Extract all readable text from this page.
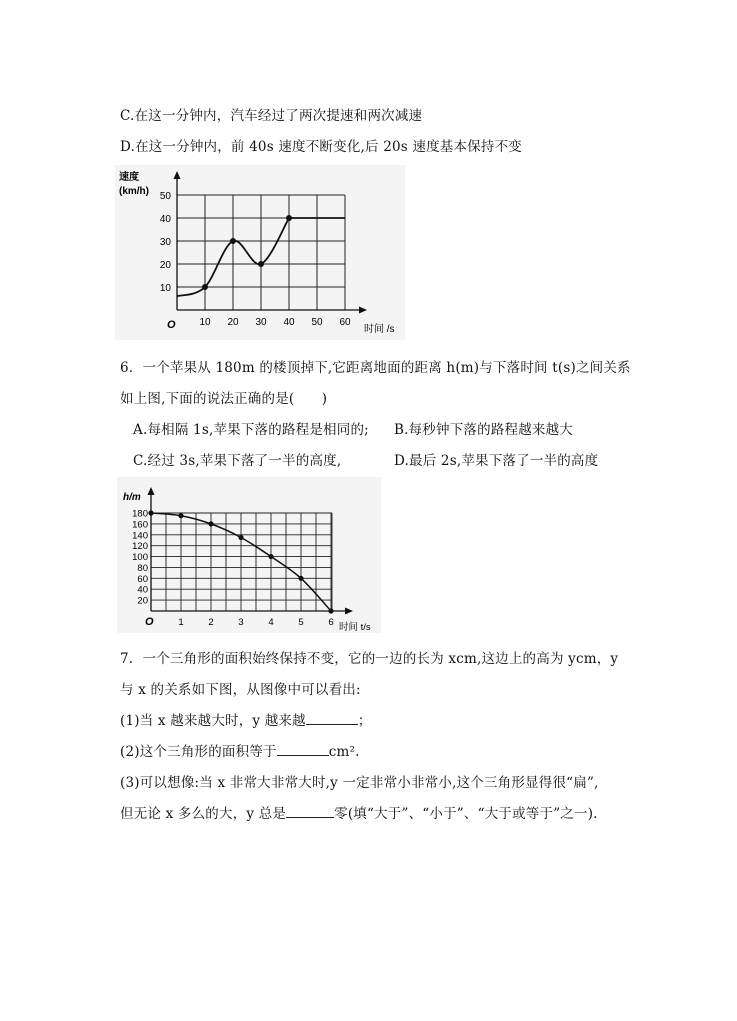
C.在这一分钟内，汽车经过了两次提速和两次减速
D.在这一分钟内，前 40s 速度不断变化,后 20s 速度基本保持不变
速度
(km/h)
O	时间 /s
10 20 30 40 50 60
10
20
30
40
50
6．一个苹果从 180m 的楼顶掉下,它距离地面的距离 h(m)与下落时间 t(s)之间关系
如上图,下面的说法正确的是(　　)
A.每相隔 1s,苹果下落的路程是相同的; B.每秒钟下落的路程越来越大
C.经过 3s,苹果下落了一半的高度,	D.最后 2s,苹果下落了一半的高度
h/m
O	时间 t/s
1	2	3	4	5	6
180
160
140
120
100
80
60
40
20
7．一个三角形的面积始终保持不变，它的一边的长为 xcm,这边上的高为 ycm，y
与 x 的关系如下图，从图像中可以看出:
(1)当 x 越来越大时，y 越来越	；
(2)这个三角形的面积等于	cm².
(3)可以想像:当 x 非常大非常大时,y 一定非常小非常小,这个三角形显得很“扁”,
但无论 x 多么的大，y 总是	零(填“大于”、“小于”、“大于或等于”之一).
